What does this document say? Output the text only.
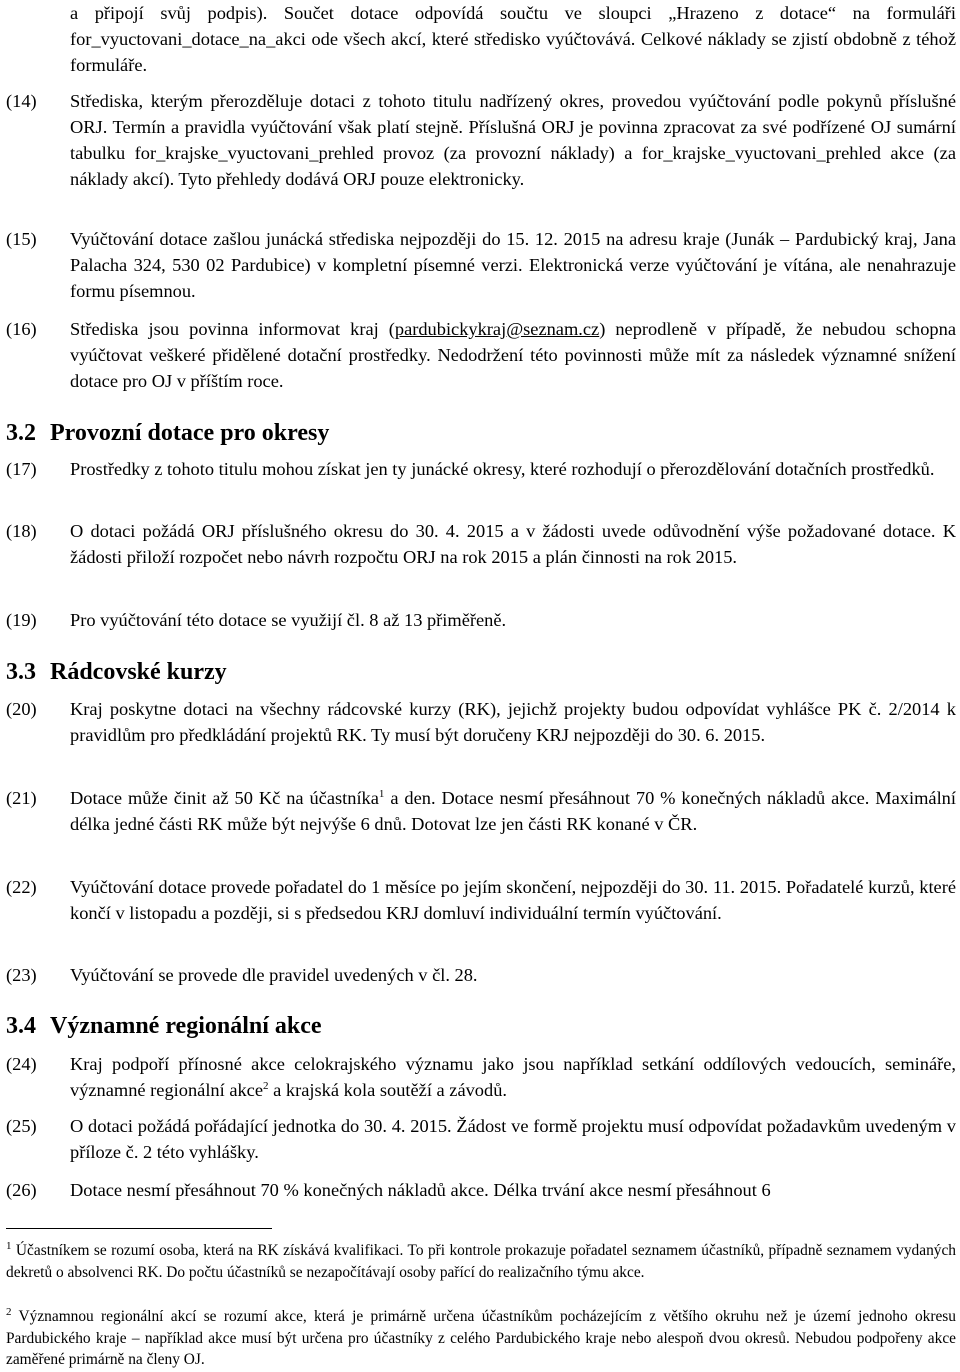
a připojí svůj podpis). Součet dotace odpovídá součtu ve sloupci „Hrazeno z dotace“ na formuláři for_vyuctovani_dotace_na_akci ode všech akcí, které středisko vyúčtovává. Celkové náklady se zjistí obdobně z téhož formuláře.
(14)	Střediska, kterým přerozděluje dotaci z tohoto titulu nadřízený okres, provedou vyúčtování podle pokynů příslušné ORJ. Termín a pravidla vyúčtování však platí stejně. Příslušná ORJ je povinna zpracovat za své podřízené OJ sumární tabulku for_krajske_vyuctovani_prehled provoz (za provozní náklady) a for_krajske_vyuctovani_prehled akce (za náklady akcí). Tyto přehledy dodává ORJ pouze elektronicky.
(15)	Vyúčtování dotace zašlou junácká střediska nejpozději do 15. 12. 2015 na adresu kraje (Junák – Pardubický kraj, Jana Palacha 324, 530 02 Pardubice) v kompletní písemné verzi. Elektronická verze vyúčtování je vítána, ale nenahrazuje formu písemnou.
(16)	Střediska jsou povinna informovat kraj (pardubickykraj@seznam.cz) neprodleně v případě, že nebudou schopna vyúčtovat veškeré přidělené dotační prostředky. Nedodržení této povinnosti může mít za následek významné snížení dotace pro OJ v příštím roce.
3.2 Provozní dotace pro okresy
(17)	Prostředky z tohoto titulu mohou získat jen ty junácké okresy, které rozhodují o přerozdělování dotačních prostředků.
(18)	O dotaci požádá ORJ příslušného okresu do 30. 4. 2015 a v žádosti uvede odůvodnění výše požadované dotace. K žádosti přiloží rozpočet nebo návrh rozpočtu ORJ na rok 2015 a plán činnosti na rok 2015.
(19)	Pro vyúčtování této dotace se využijí čl. 8 až 13 přiměřeně.
3.3 Rádcovské kurzy
(20)	Kraj poskytne dotaci na všechny rádcovské kurzy (RK), jejichž projekty budou odpovídat vyhlášce PK č. 2/2014 k pravidlům pro předkládání projektů RK. Ty musí být doručeny KRJ nejpozději do 30. 6. 2015.
(21)	Dotace může činit až 50 Kč na účastníka$^1$ a den. Dotace nesmí přesáhnout 70 % konečných nákladů akce. Maximální délka jedné části RK může být nejvýše 6 dnů. Dotovat lze jen části RK konané v ČR.
(22)	Vyúčtování dotace provede pořadatel do 1 měsíce po jejím skončení, nejpozději do 30. 11. 2015. Pořadatelé kurzů, které končí v listopadu a později, si s předsedou KRJ domluví individuální termín vyúčtování.
(23)	Vyúčtování se provede dle pravidel uvedených v čl. 28.
3.4 Významné regionální akce
(24)	Kraj podpoří přínosné akce celokrajského významu jako jsou například setkání oddílových vedoucích, semináře, významné regionální akce$^2$ a krajská kola soutěží a závodů.
(25)	O dotaci požádá pořádající jednotka do 30. 4. 2015. Žádost ve formě projektu musí odpovídat požadavkům uvedeným v příloze č. 2 této vyhlášky.
(26)	Dotace nesmí přesáhnout 70 % konečných nákladů akce. Délka trvání akce nesmí přesáhnout 6
$^1$ Účastníkem se rozumí osoba, která na RK získává kvalifikaci. To při kontrole prokazuje pořadatel seznamem účastníků, případně seznamem vydaných dekretů o absolvenci RK. Do počtu účastníků se nezapočítávají osoby pařící do realizačního týmu akce.
$^2$ Významnou regionální akcí se rozumí akce, která je primárně určena účastníkům pocházejícím z většího okruhu než je území jednoho okresu Pardubického kraje – například akce musí být určena pro účastníky z celého Pardubického kraje nebo alespoň dvou okresů. Nebudou podpořeny akce zaměřené primárně na členy OJ.
